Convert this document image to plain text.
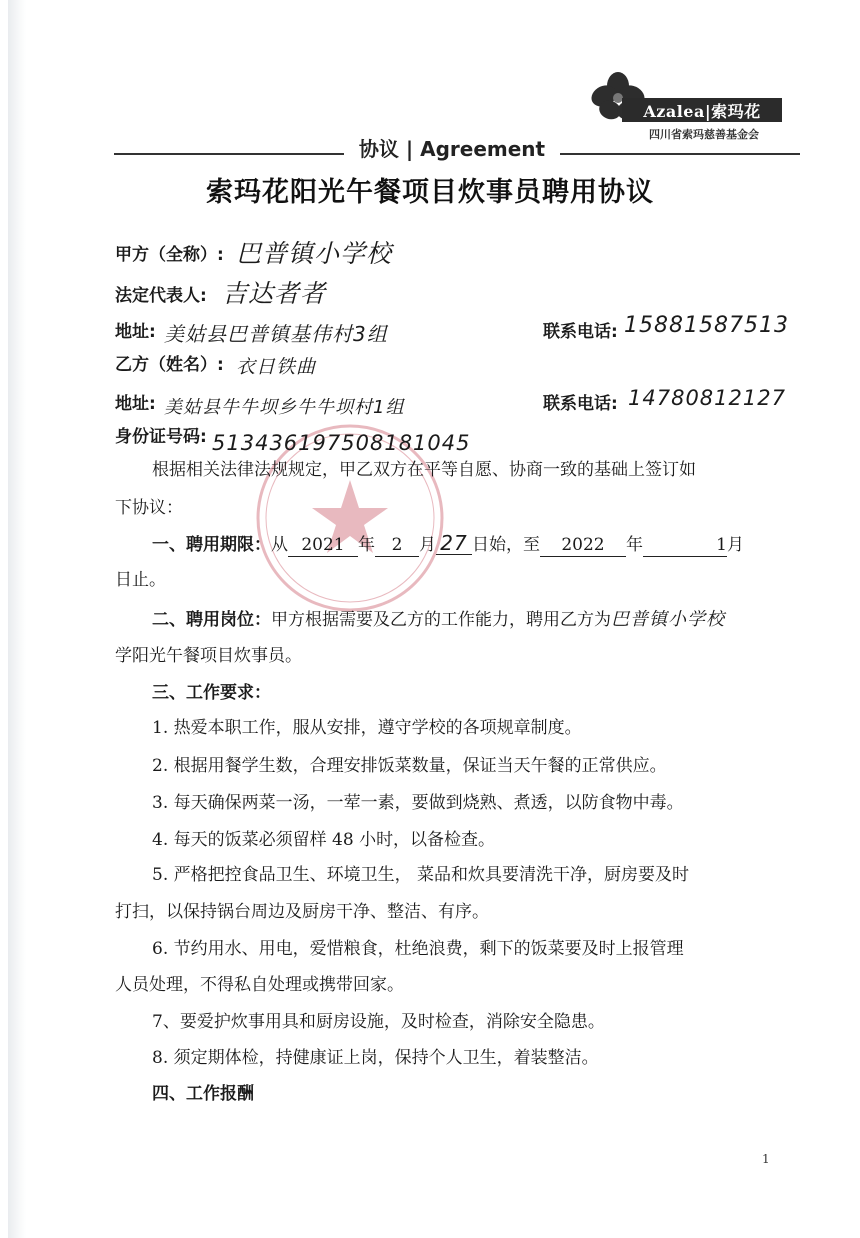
Azalea|索玛花
四川省索玛慈善基金会
协议 | Agreement
索玛花阳光午餐项目炊事员聘用协议
甲方（全称）: 巴普镇小学校
法定代表人: 吉达者者
地址: 美姑县巴普镇基伟村3组	联系电话: 15881587513
乙方（姓名）: 衣日铁曲
地址: 美姑县牛牛坝乡牛牛坝村1组	联系电话: 14780812127
身份证号码: 513436197508181045
根据相关法律法规规定，甲乙双方在平等自愿、协商一致的基础上签订如
下协议：
一、聘用期限：从 2021 年 2 月 27 日始，至 2022 年	1月
日止。
二、聘用岗位：甲方根据需要及乙方的工作能力，聘用乙方为巴普镇小学校
学阳光午餐项目炊事员。
三、工作要求：
1. 热爱本职工作，服从安排，遵守学校的各项规章制度。
2. 根据用餐学生数，合理安排饭菜数量，保证当天午餐的正常供应。
3. 每天确保两菜一汤，一荤一素，要做到烧熟、煮透，以防食物中毒。
4. 每天的饭菜必须留样 48 小时，以备检查。
5. 严格把控食品卫生、环境卫生， 菜品和炊具要清洗干净，厨房要及时
打扫，以保持锅台周边及厨房干净、整洁、有序。
6. 节约用水、用电，爱惜粮食，杜绝浪费，剩下的饭菜要及时上报管理
人员处理，不得私自处理或携带回家。
7、要爱护炊事用具和厨房设施，及时检查，消除安全隐患。
8. 须定期体检，持健康证上岗，保持个人卫生，着装整洁。
四、工作报酬
1
